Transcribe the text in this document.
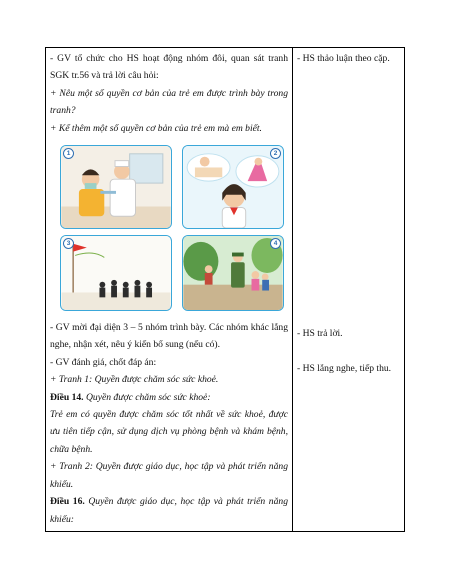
- GV tổ chức cho HS hoạt động nhóm đôi, quan sát tranh SGK tr.56 và trả lời câu hỏi:

+ Nêu một số quyền cơ bản của trẻ em được trình bày trong tranh?

+ Kể thêm một số quyền cơ bản của trẻ em mà em biết.

1	2
3	4

- GV mời đại diện 3 – 5 nhóm trình bày. Các nhóm khác lắng nghe, nhận xét, nêu ý kiến bổ sung (nếu có).

- GV đánh giá, chốt đáp án:

+ Tranh 1: Quyền được chăm sóc sức khoẻ.

Điều 14. Quyền được chăm sóc sức khoẻ:

Trẻ em có quyền được chăm sóc tốt nhất về sức khoẻ, được ưu tiên tiếp cận, sử dụng dịch vụ phòng bệnh và khám bệnh, chữa bệnh.

+ Tranh 2: Quyền được giáo dục, học tập và phát triển năng khiếu.

Điều 16. Quyền được giáo dục, học tập và phát triển năng khiếu:

- HS thảo luận theo cặp.

- HS trả lời.

- HS lắng nghe, tiếp thu.
